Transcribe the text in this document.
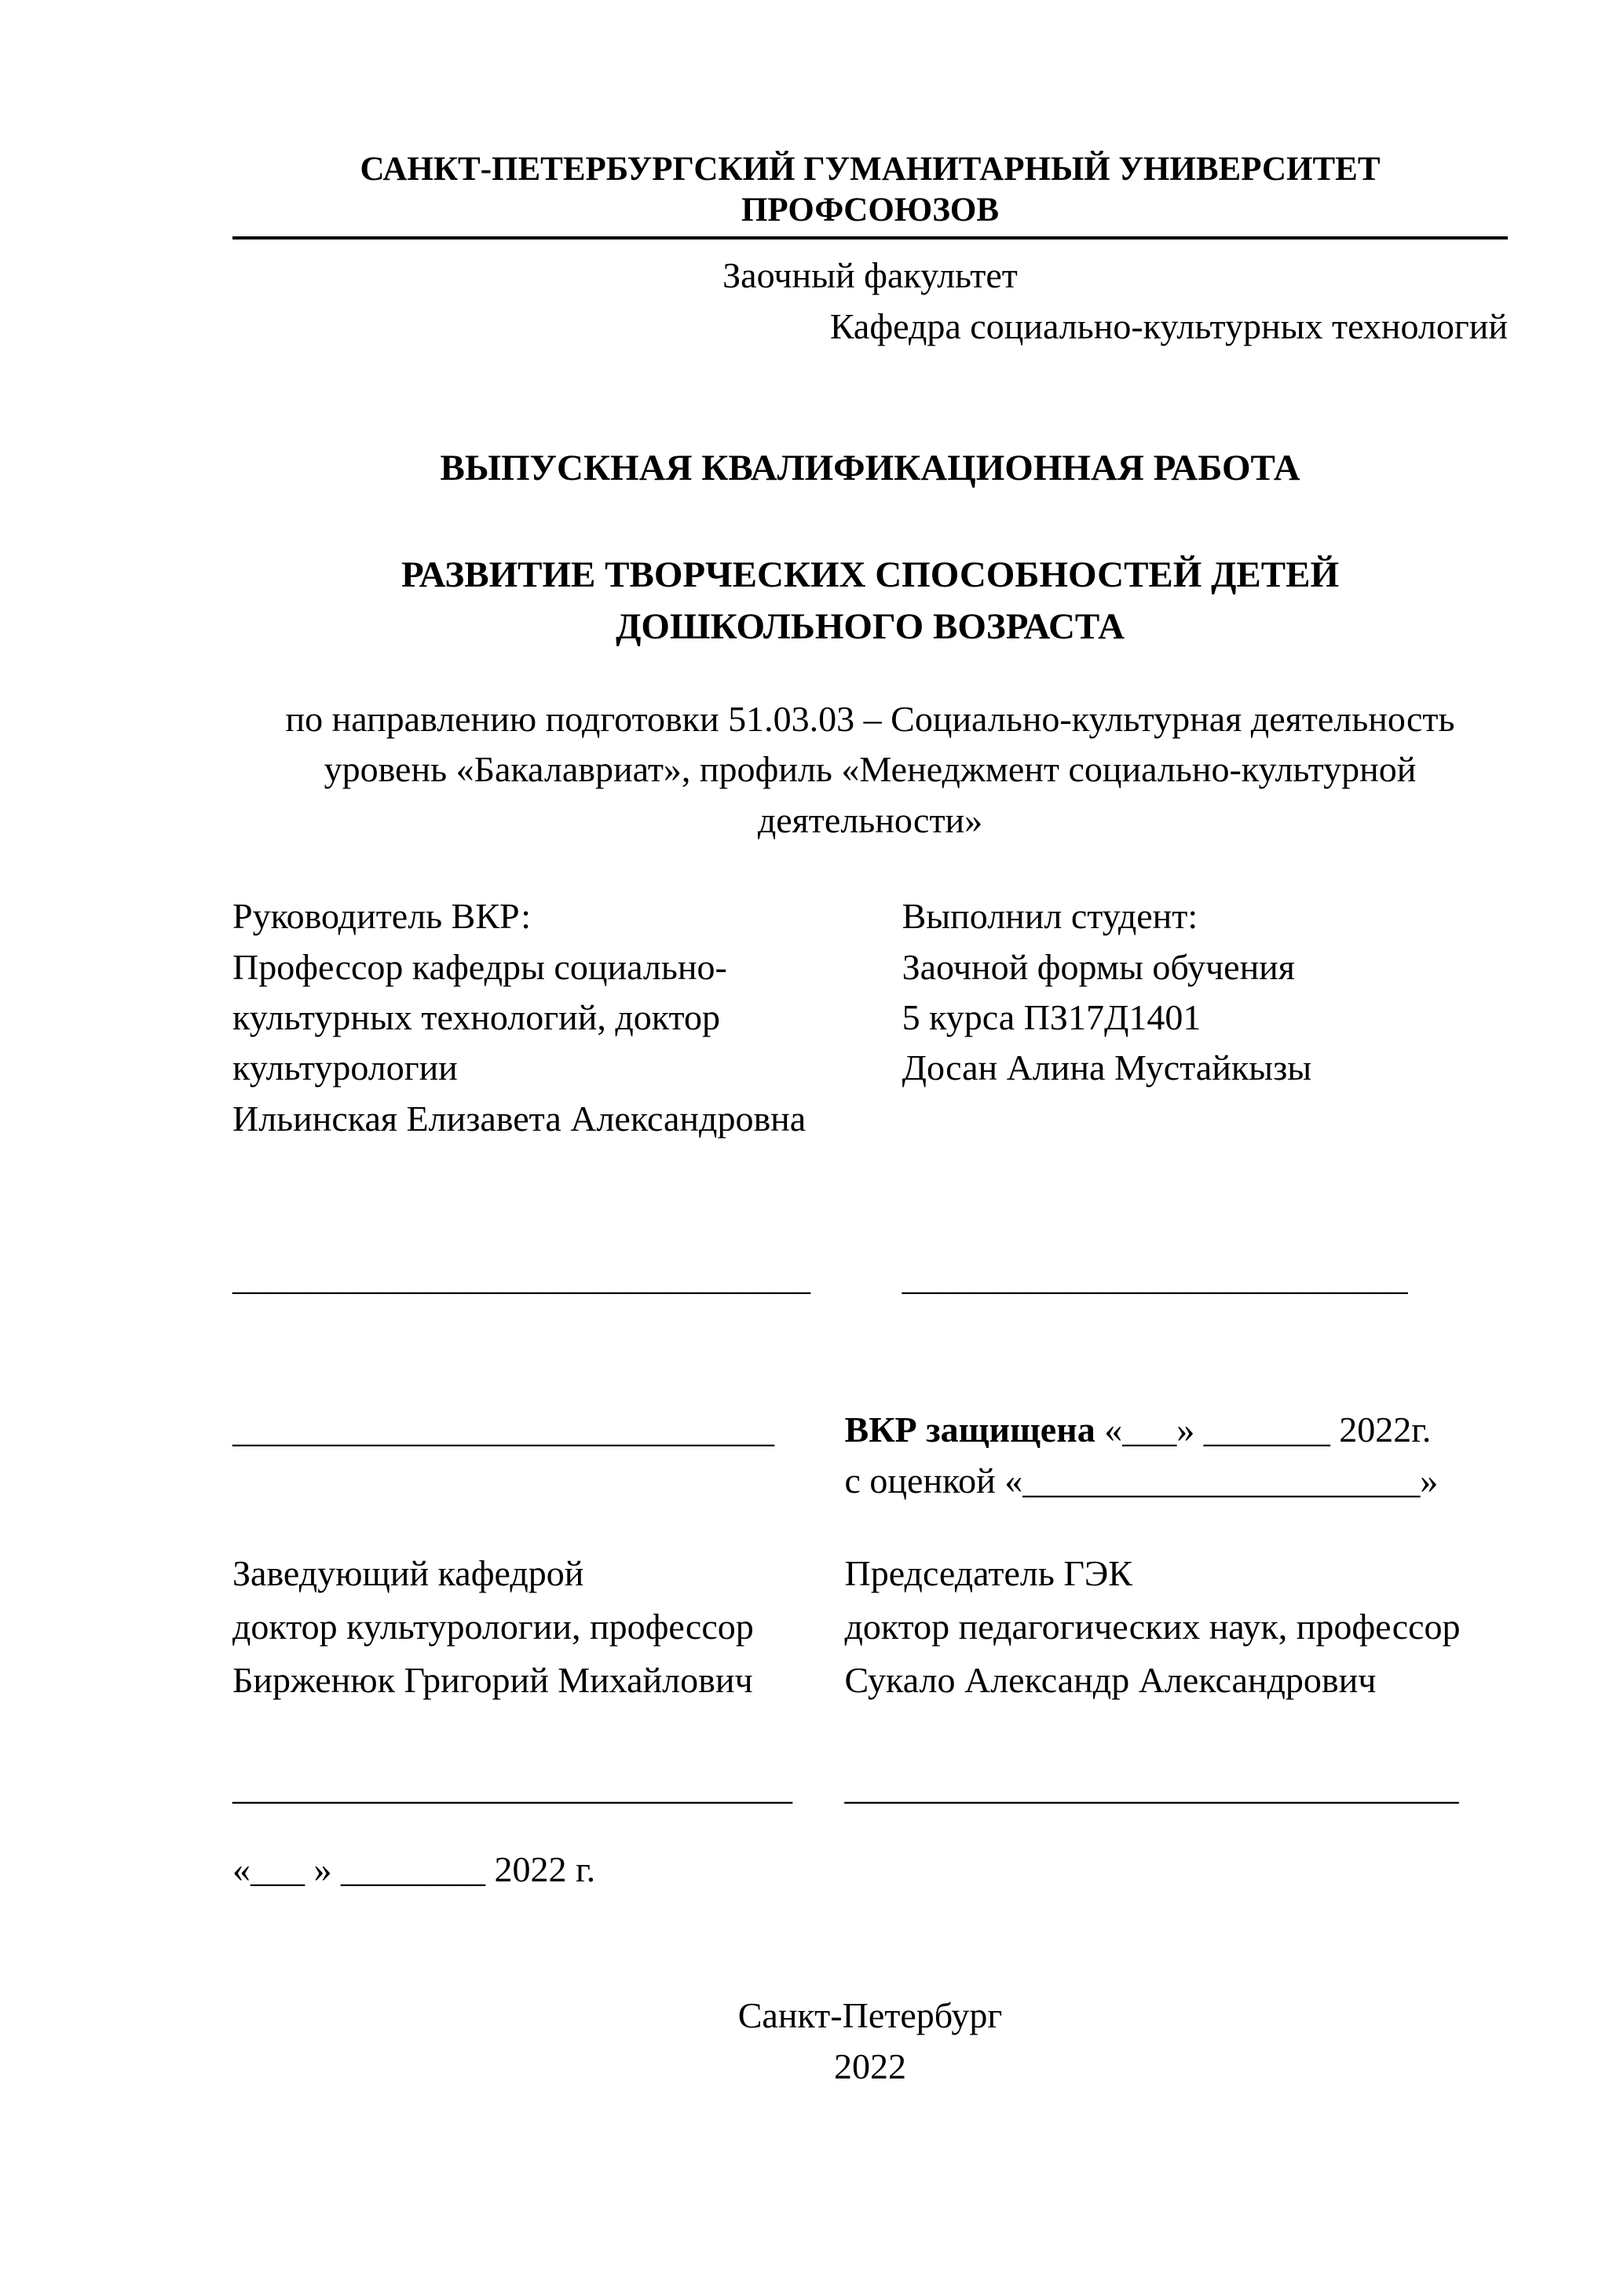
САНКТ-ПЕТЕРБУРГСКИЙ ГУМАНИТАРНЫЙ УНИВЕРСИТЕТ ПРОФСОЮЗОВ
Заочный факультет
Кафедра социально-культурных технологий
ВЫПУСКНАЯ КВАЛИФИКАЦИОННАЯ РАБОТА
РАЗВИТИЕ ТВОРЧЕСКИХ СПОСОБНОСТЕЙ ДЕТЕЙ
ДОШКОЛЬНОГО ВОЗРАСТА
по направлению подготовки 51.03.03 – Социально-культурная деятельность
уровень «Бакалавриат», профиль «Менеджмент социально-культурной
деятельности»
Руководитель ВКР:
Профессор кафедры социально-
культурных технологий, доктор
культурологии
Ильинская Елизавета Александровна
Выполнил студент:
Заочной формы обучения
5 курса ПЗ17Д1401
Досан Алина Мустайкызы
________________________________	____________________________
______________________________	ВКР защищена «___» _______ 2022г.
с оценкой «______________________»
Заведующий кафедрой
доктор культурологии, профессор
Бирженюк Григорий Михайлович
Председатель ГЭК
доктор педагогических наук, профессор
Сукало Александр Александрович
_______________________________	__________________________________
«___ » ________ 2022 г.
Санкт-Петербург
2022
